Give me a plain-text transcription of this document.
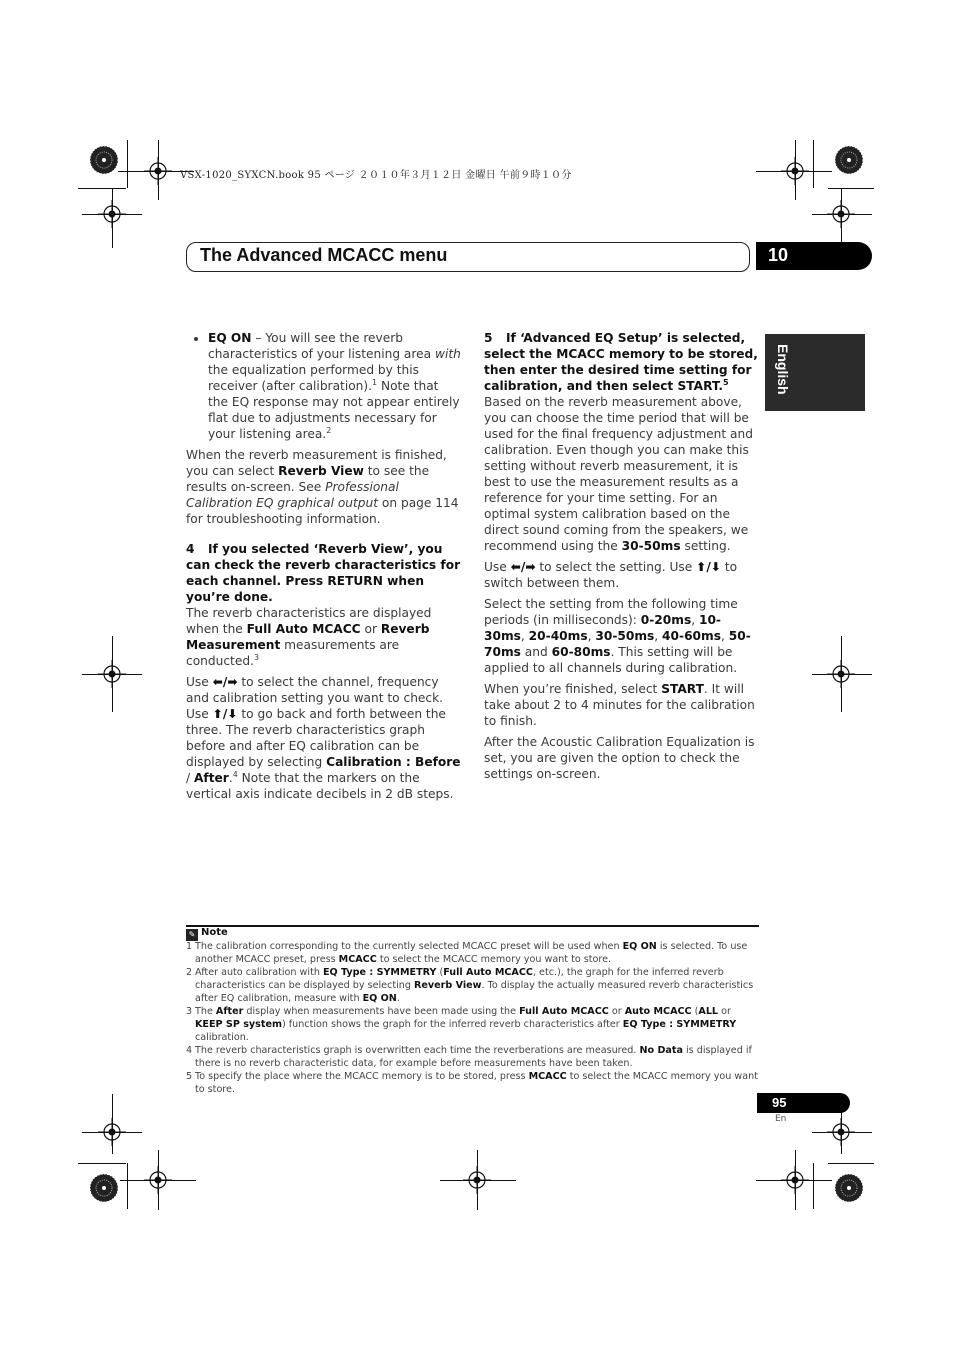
VSX-1020_SYXCN.book 95 ページ ２０１０年３月１２日 金曜日 午前９時１０分
The Advanced MCACC menu	10
English
• EQ ON – You will see the reverb characteristics of your listening area with the equalization performed by this receiver (after calibration).$^1$ Note that the EQ response may not appear entirely flat due to adjustments necessary for your listening area.$^2$

When the reverb measurement is finished, you can select Reverb View to see the results on-screen. See Professional Calibration EQ graphical output on page 114 for troubleshooting information.

4 If you selected ‘Reverb View’, you can check the reverb characteristics for each channel. Press RETURN when you’re done.

The reverb characteristics are displayed when the Full Auto MCACC or Reverb Measurement measurements are conducted.$^3$

Use ⬅/➡ to select the channel, frequency and calibration setting you want to check. Use ⬆/⬇ to go back and forth between the three. The reverb characteristics graph before and after EQ calibration can be displayed by selecting Calibration : Before / After.$^4$ Note that the markers on the vertical axis indicate decibels in 2 dB steps.

5 If ‘Advanced EQ Setup’ is selected, select the MCACC memory to be stored, then enter the desired time setting for calibration, and then select START.$^5$

Based on the reverb measurement above, you can choose the time period that will be used for the final frequency adjustment and calibration. Even though you can make this setting without reverb measurement, it is best to use the measurement results as a reference for your time setting. For an optimal system calibration based on the direct sound coming from the speakers, we recommend using the 30-50ms setting.

Use ⬅/➡ to select the setting. Use ⬆/⬇ to switch between them.

Select the setting from the following time periods (in milliseconds): 0-20ms, 10-30ms, 20-40ms, 30-50ms, 40-60ms, 50-70ms and 60-80ms. This setting will be applied to all channels during calibration.

When you’re finished, select START. It will take about 2 to 4 minutes for the calibration to finish.

After the Acoustic Calibration Equalization is set, you are given the option to check the settings on-screen.

✎ Note

1 The calibration corresponding to the currently selected MCACC preset will be used when EQ ON is selected. To use another MCACC preset, press MCACC to select the MCACC memory you want to store.

2 After auto calibration with EQ Type : SYMMETRY (Full Auto MCACC, etc.), the graph for the inferred reverb characteristics can be displayed by selecting Reverb View. To display the actually measured reverb characteristics after EQ calibration, measure with EQ ON.

3 The After display when measurements have been made using the Full Auto MCACC or Auto MCACC (ALL or KEEP SP system) function shows the graph for the inferred reverb characteristics after EQ Type : SYMMETRY calibration.

4 The reverb characteristics graph is overwritten each time the reverberations are measured. No Data is displayed if there is no reverb characteristic data, for example before measurements have been taken.

5 To specify the place where the MCACC memory is to be stored, press MCACC to select the MCACC memory you want to store.

95
En
